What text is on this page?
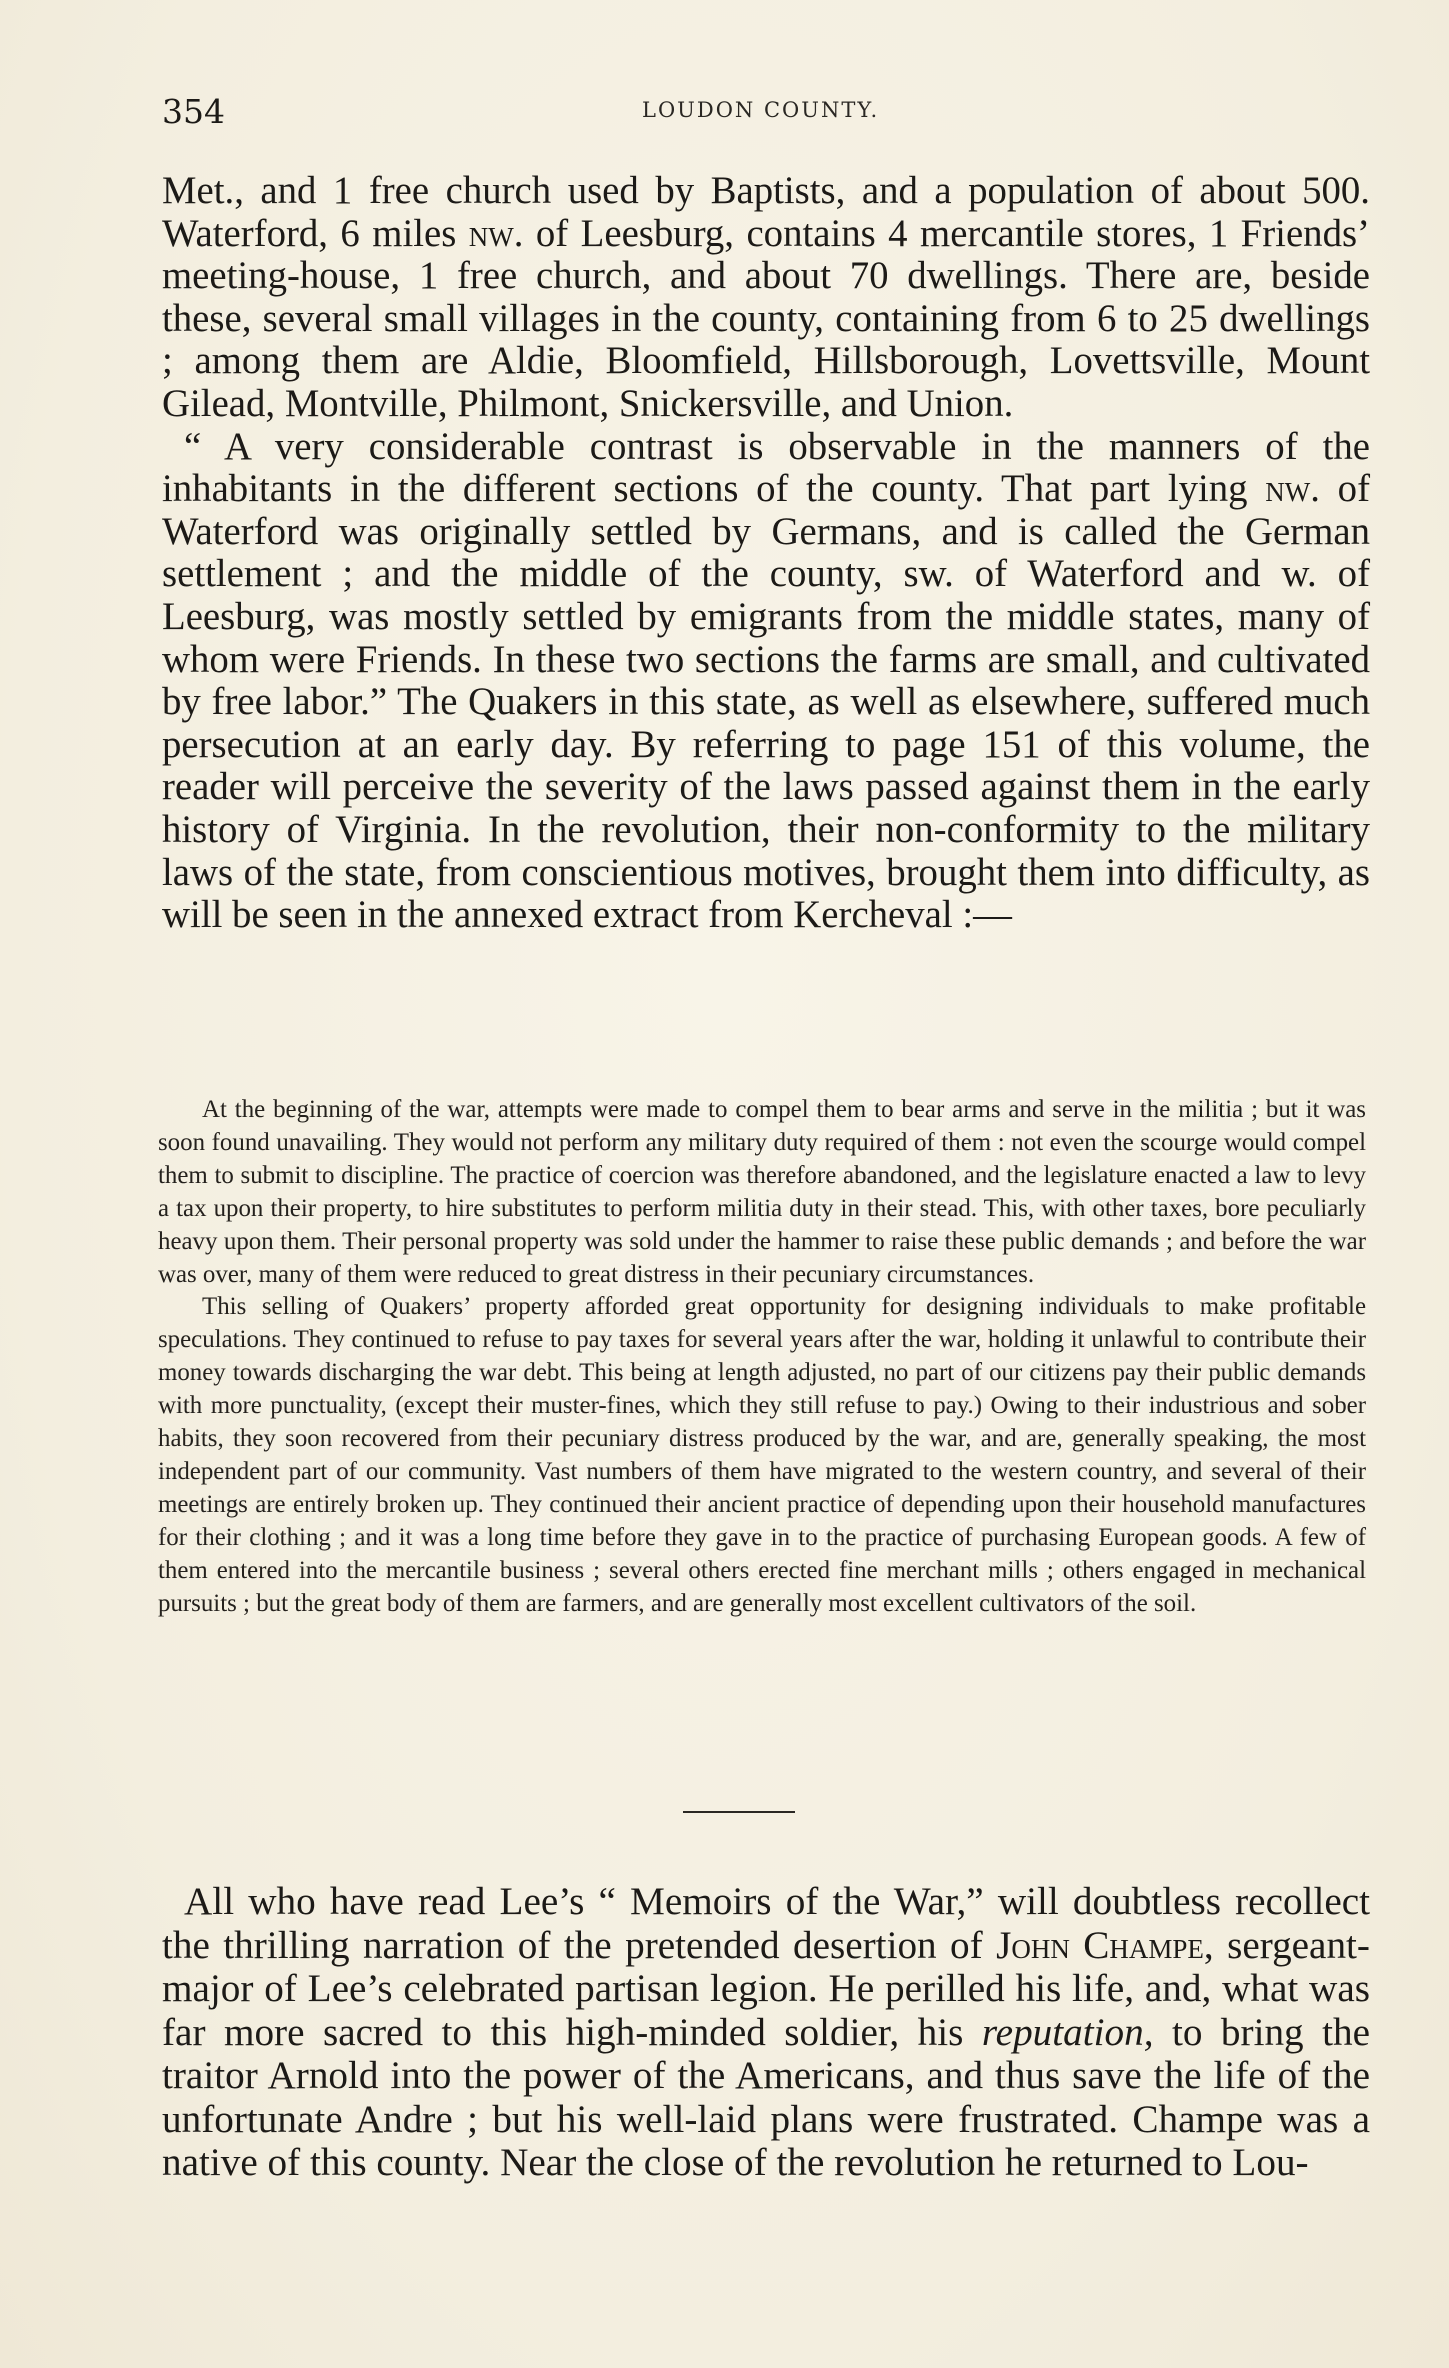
354	LOUDON COUNTY.

Met., and 1 free church used by Baptists, and a population of about 500. Waterford, 6 miles nw. of Leesburg, contains 4 mercantile stores, 1 Friends’ meeting-house, 1 free church, and about 70 dwellings. There are, beside these, several small villages in the county, containing from 6 to 25 dwellings ; among them are Aldie, Bloomfield, Hillsborough, Lovettsville, Mount Gilead, Montville, Philmont, Snickersville, and Union.

“ A very considerable contrast is observable in the manners of the inhabitants in the different sections of the county. That part lying nw. of Waterford was originally settled by Germans, and is called the German settlement ; and the middle of the county, sw. of Waterford and w. of Leesburg, was mostly settled by emigrants from the middle states, many of whom were Friends. In these two sections the farms are small, and cultivated by free labor.” The Quakers in this state, as well as elsewhere, suffered much persecution at an early day. By referring to page 151 of this volume, the reader will perceive the severity of the laws passed against them in the early history of Virginia. In the revolution, their non-conformity to the military laws of the state, from conscientious motives, brought them into difficulty, as will be seen in the annexed extract from Kercheval :—

At the beginning of the war, attempts were made to compel them to bear arms and serve in the militia ; but it was soon found unavailing. They would not perform any military duty required of them : not even the scourge would compel them to submit to discipline. The practice of coercion was therefore abandoned, and the legislature enacted a law to levy a tax upon their property, to hire substitutes to perform militia duty in their stead. This, with other taxes, bore peculiarly heavy upon them. Their personal property was sold under the hammer to raise these public demands ; and before the war was over, many of them were reduced to great distress in their pecuniary circumstances.

This selling of Quakers’ property afforded great opportunity for designing individuals to make profitable speculations. They continued to refuse to pay taxes for several years after the war, holding it unlawful to contribute their money towards discharging the war debt. This being at length adjusted, no part of our citizens pay their public demands with more punctuality, (except their muster-fines, which they still refuse to pay.) Owing to their industrious and sober habits, they soon recovered from their pecuniary distress produced by the war, and are, generally speaking, the most independent part of our community. Vast numbers of them have migrated to the western country, and several of their meetings are entirely broken up. They continued their ancient practice of depending upon their household manufactures for their clothing ; and it was a long time before they gave in to the practice of purchasing European goods. A few of them entered into the mercantile business ; several others erected fine merchant mills ; others engaged in mechanical pursuits ; but the great body of them are farmers, and are generally most excellent cultivators of the soil.

All who have read Lee’s “ Memoirs of the War,” will doubtless recollect the thrilling narration of the pretended desertion of John Champe, sergeant-major of Lee’s celebrated partisan legion. He perilled his life, and, what was far more sacred to this high-minded soldier, his reputation, to bring the traitor Arnold into the power of the Americans, and thus save the life of the unfortunate Andre ; but his well-laid plans were frustrated. Champe was a native of this county. Near the close of the revolution he returned to Lou-
